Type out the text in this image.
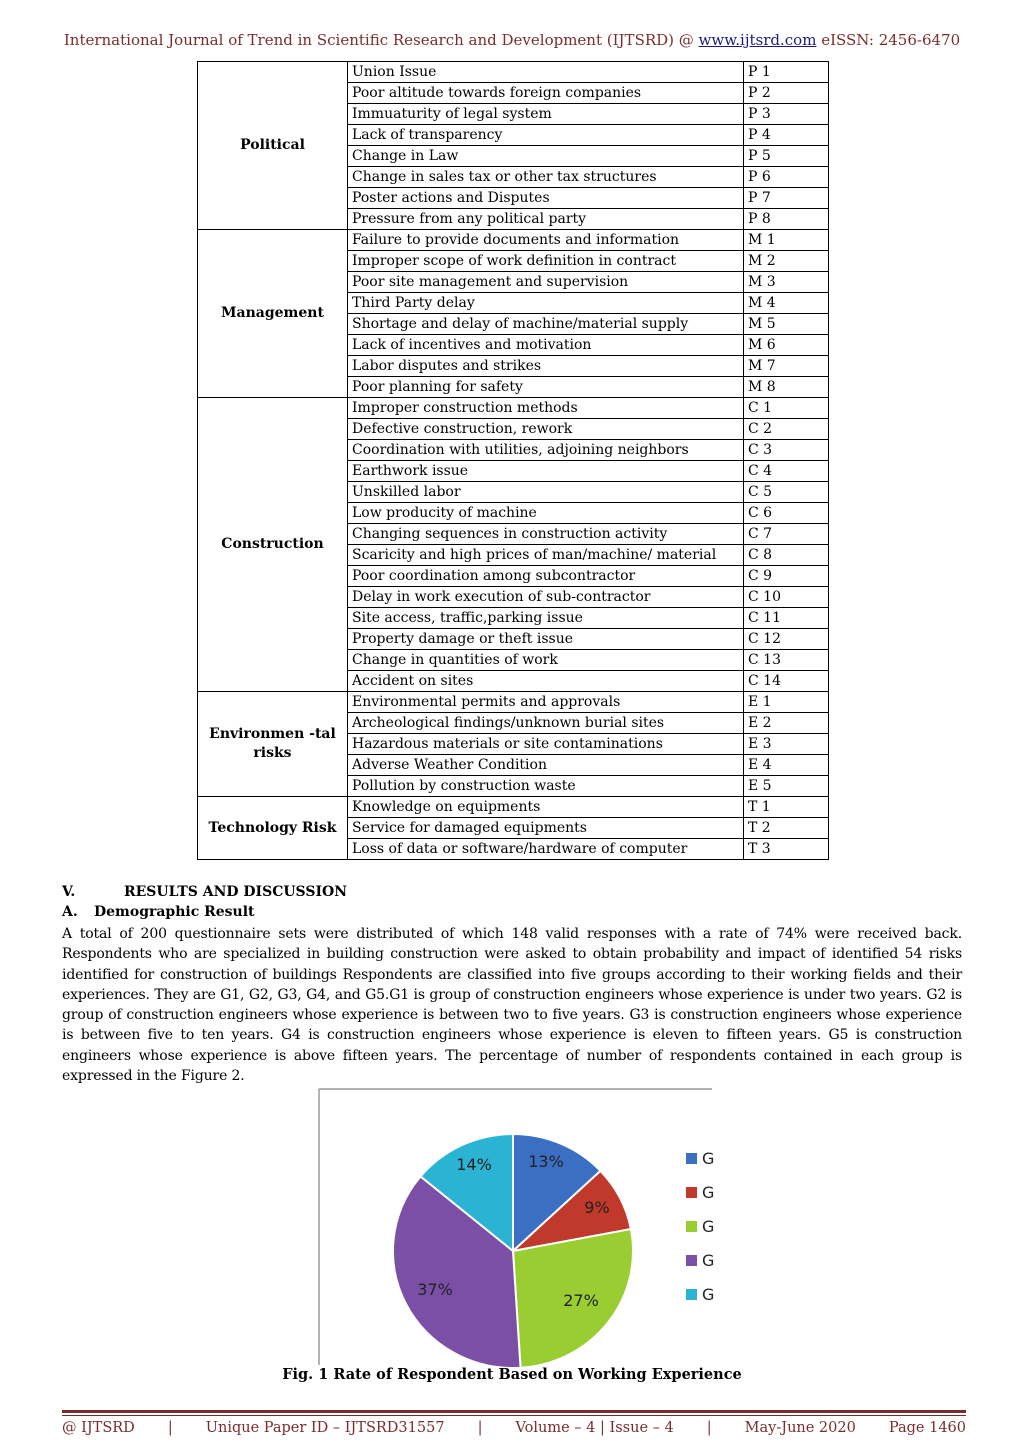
International Journal of Trend in Scientific Research and Development (IJTSRD) @ www.ijtsrd.com eISSN: 2456-6470
Political	Union Issue	P 1
	Poor altitude towards foreign companies	P 2
	Immuaturity of legal system	P 3
	Lack of transparency	P 4
	Change in Law	P 5
	Change in sales tax or other tax structures	P 6
	Poster actions and Disputes	P 7
	Pressure from any political party	P 8
Management	Failure to provide documents and information	M 1
	Improper scope of work definition in contract	M 2
	Poor site management and supervision	M 3
	Third Party delay	M 4
	Shortage and delay of machine/material supply	M 5
	Lack of incentives and motivation	M 6
	Labor disputes and strikes	M 7
	Poor planning for safety	M 8
Construction	Improper construction methods	C 1
	Defective construction, rework	C 2
	Coordination with utilities, adjoining neighbors	C 3
	Earthwork issue	C 4
	Unskilled labor	C 5
	Low producity of machine	C 6
	Changing sequences in construction activity	C 7
	Scaricity and high prices of man/machine/ material	C 8
	Poor coordination among subcontractor	C 9
	Delay in work execution of sub-contractor	C 10
	Site access, traffic,parking issue	C 11
	Property damage or theft issue	C 12
	Change in quantities of work	C 13
	Accident on sites	C 14
Environmen -tal risks	Environmental permits and approvals	E 1
	Archeological findings/unknown burial sites	E 2
	Hazardous materials or site contaminations	E 3
	Adverse Weather Condition	E 4
	Pollution by construction waste	E 5
Technology Risk	Knowledge on equipments	T 1
	Service for damaged equipments	T 2
	Loss of data or software/hardware of computer	T 3
V.	RESULTS AND DISCUSSION
A. Demographic Result
A total of 200 questionnaire sets were distributed of which 148 valid responses with a rate of 74% were received back. Respondents who are specialized in building construction were asked to obtain probability and impact of identified 54 risks identified for construction of buildings Respondents are classified into five groups according to their working fields and their experiences. They are G1, G2, G3, G4, and G5.G1 is group of construction engineers whose experience is under two years. G2 is group of construction engineers whose experience is between two to five years. G3 is construction engineers whose experience is between five to ten years. G4 is construction engineers whose experience is eleven to fifteen years. G5 is construction engineers whose experience is above fifteen years. The percentage of number of respondents contained in each group is expressed in the Figure 2.
13%
9%
27%
37%
14%	G
G
G
G
G
Fig. 1 Rate of Respondent Based on Working Experience
@ IJTSRD | Unique Paper ID – IJTSRD31557 | Volume – 4 | Issue – 4 | May-June 2020 Page 1460
